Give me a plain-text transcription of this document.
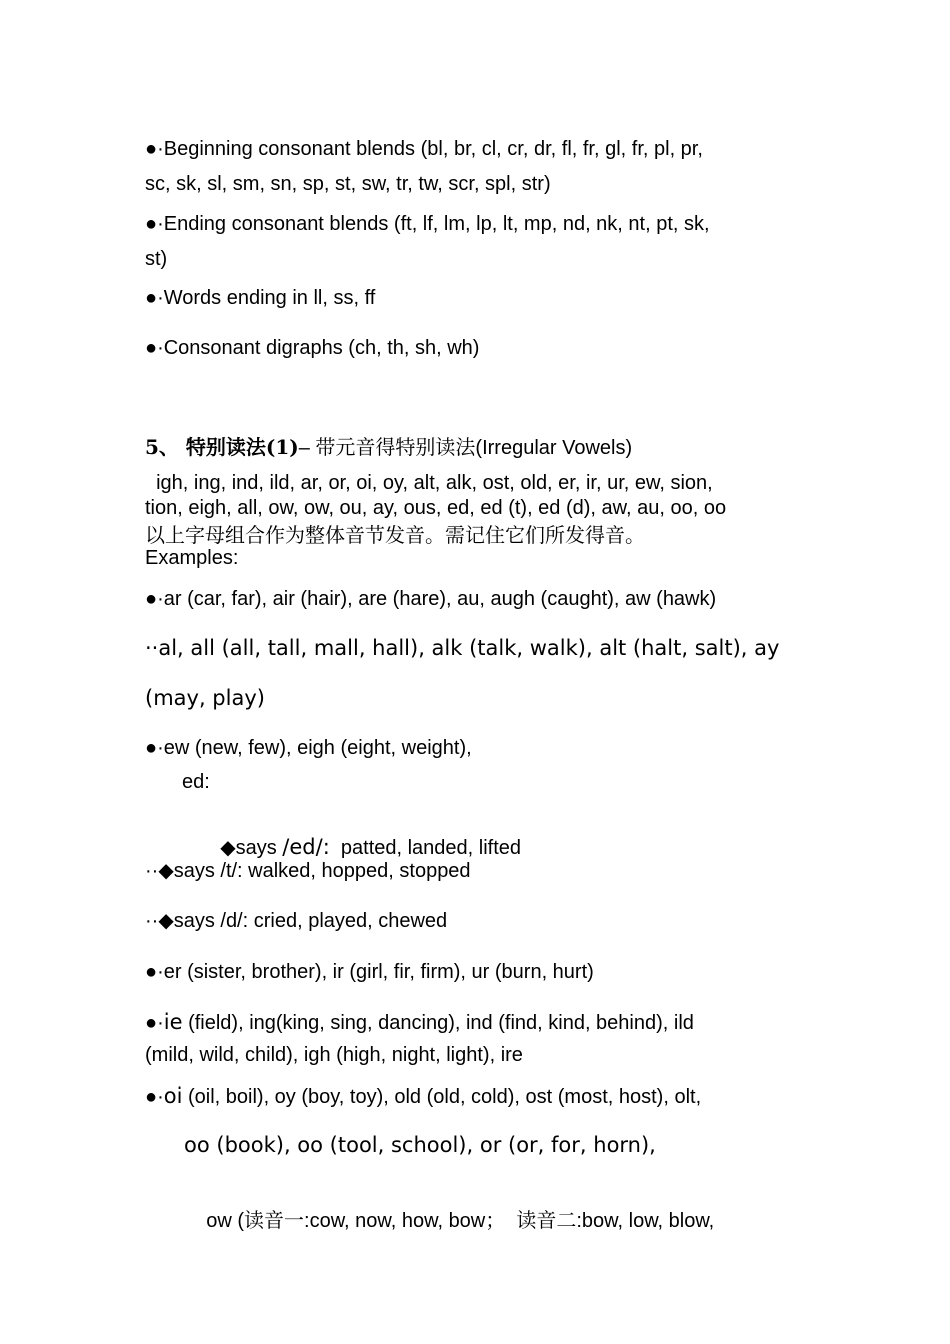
●·Beginning consonant blends (bl, br, cl, cr, dr, fl, fr, gl, fr, pl, pr,
sc, sk, sl, sm, sn, sp, st, sw, tr, tw, scr, spl, str)
●·Ending consonant blends (ft, lf, lm, lp, lt, mp, nd, nk, nt, pt, sk,
st)
●·Words ending in ll, ss, ff
●·Consonant digraphs (ch, th, sh, wh)
5、 特别读法(1)– 带元音得特别读法(Irregular Vowels)
igh, ing, ind, ild, ar, or, oi, oy, alt, alk, ost, old, er, ir, ur, ew, sion,
tion, eigh, all, ow, ow, ou, ay, ous, ed, ed (t), ed (d), aw, au, oo, oo
以上字母组合作为整体音节发音。需记住它们所发得音。
Examples:
●·ar (car, far), air (hair), are (hare), au, augh (caught), aw (hawk)
··al, all (all, tall, mall, hall), alk (talk, walk), alt (halt, salt), ay
(may, play)
●·ew (new, few), eigh (eight, weight),
ed:

◆says /ed/:  patted, landed, lifted

··◆says /t/: walked, hopped, stopped
··◆says /d/: cried, played, chewed
●·er (sister, brother), ir (girl, fir, firm), ur (burn, hurt)
●·ie (field), ing(king, sing, dancing), ind (find, kind, behind), ild
(mild, wild, child), igh (high, night, light), ire
●·oi (oil, boil), oy (boy, toy), old (old, cold), ost (most, host), olt,
oo (book), oo (tool, school), or (or, for, horn),

ow (读音一:cow, now, how, bow；  读音二:bow, low, blow,
